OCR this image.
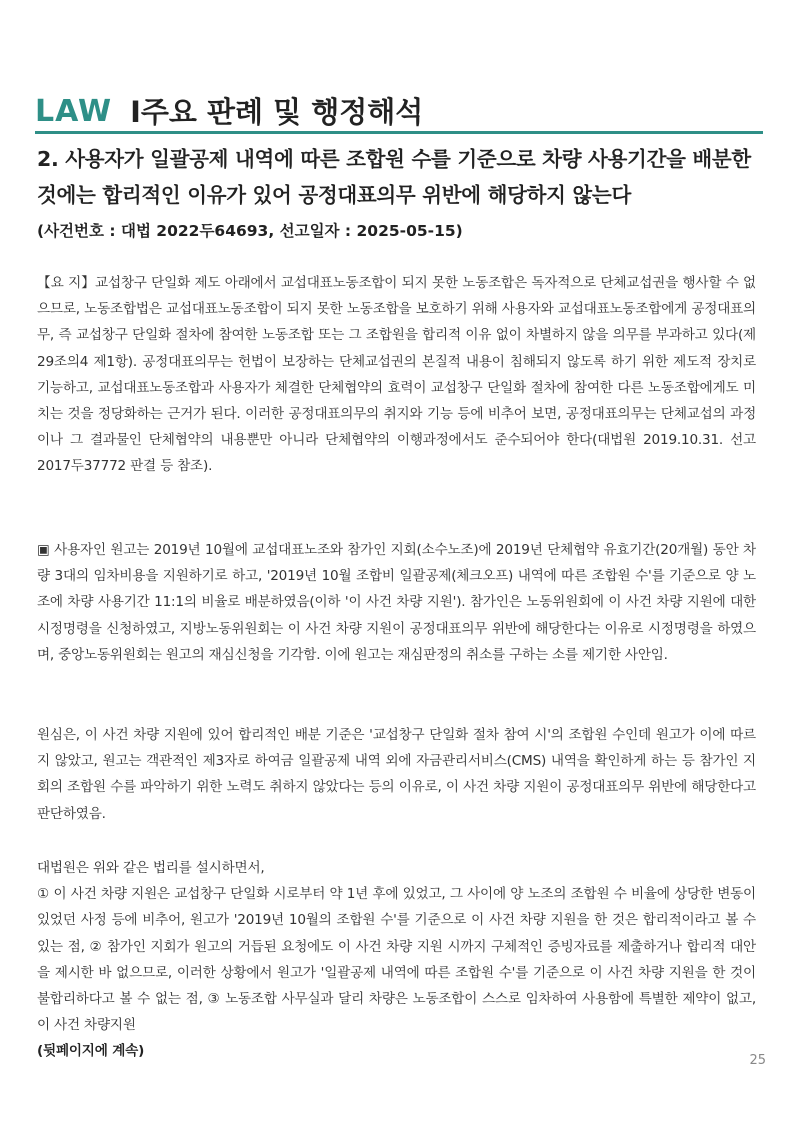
LAW Ⅰ주요 판례 및 행정해석
2. 사용자가 일괄공제 내역에 따른 조합원 수를 기준으로 차량 사용기간을 배분한 것에는 합리적인 이유가 있어 공정대표의무 위반에 해당하지 않는다
(사건번호 : 대법 2022두64693, 선고일자 : 2025-05-15)
【요 지】교섭창구 단일화 제도 아래에서 교섭대표노동조합이 되지 못한 노동조합은 독자적으로 단체교섭권을 행사할 수 없으므로, 노동조합법은 교섭대표노동조합이 되지 못한 노동조합을 보호하기 위해 사용자와 교섭대표노동조합에게 공정대표의무, 즉 교섭창구 단일화 절차에 참여한 노동조합 또는 그 조합원을 합리적 이유 없이 차별하지 않을 의무를 부과하고 있다(제29조의4 제1항). 공정대표의무는 헌법이 보장하는 단체교섭권의 본질적 내용이 침해되지 않도록 하기 위한 제도적 장치로 기능하고, 교섭대표노동조합과 사용자가 체결한 단체협약의 효력이 교섭창구 단일화 절차에 참여한 다른 노동조합에게도 미치는 것을 정당화하는 근거가 된다. 이러한 공정대표의무의 취지와 기능 등에 비추어 보면, 공정대표의무는 단체교섭의 과정이나 그 결과물인 단체협약의 내용뿐만 아니라 단체협약의 이행과정에서도 준수되어야 한다(대법원 2019.10.31. 선고 2017두37772 판결 등 참조).
▣ 사용자인 원고는 2019년 10월에 교섭대표노조와 참가인 지회(소수노조)에 2019년 단체협약 유효기간(20개월) 동안 차량 3대의 임차비용을 지원하기로 하고, '2019년 10월 조합비 일괄공제(체크오프) 내역에 따른 조합원 수'를 기준으로 양 노조에 차량 사용기간 11:1의 비율로 배분하였음(이하 '이 사건 차량 지원'). 참가인은 노동위원회에 이 사건 차량 지원에 대한 시정명령을 신청하였고, 지방노동위원회는 이 사건 차량 지원이 공정대표의무 위반에 해당한다는 이유로 시정명령을 하였으며, 중앙노동위원회는 원고의 재심신청을 기각함. 이에 원고는 재심판정의 취소를 구하는 소를 제기한 사안임.
원심은, 이 사건 차량 지원에 있어 합리적인 배분 기준은 '교섭창구 단일화 절차 참여 시'의 조합원 수인데 원고가 이에 따르지 않았고, 원고는 객관적인 제3자로 하여금 일괄공제 내역 외에 자금관리서비스(CMS) 내역을 확인하게 하는 등 참가인 지회의 조합원 수를 파악하기 위한 노력도 취하지 않았다는 등의 이유로, 이 사건 차량 지원이 공정대표의무 위반에 해당한다고 판단하였음.
대법원은 위와 같은 법리를 설시하면서,
① 이 사건 차량 지원은 교섭창구 단일화 시로부터 약 1년 후에 있었고, 그 사이에 양 노조의 조합원 수 비율에 상당한 변동이 있었던 사정 등에 비추어, 원고가 '2019년 10월의 조합원 수'를 기준으로 이 사건 차량 지원을 한 것은 합리적이라고 볼 수 있는 점, ② 참가인 지회가 원고의 거듭된 요청에도 이 사건 차량 지원 시까지 구체적인 증빙자료를 제출하거나 합리적 대안을 제시한 바 없으므로, 이러한 상황에서 원고가 '일괄공제 내역에 따른 조합원 수'를 기준으로 이 사건 차량 지원을 한 것이 불합리하다고 볼 수 없는 점, ③ 노동조합 사무실과 달리 차량은 노동조합이 스스로 임차하여 사용함에 특별한 제약이 없고, 이 사건 차량지원
(뒷페이지에 계속)
25
